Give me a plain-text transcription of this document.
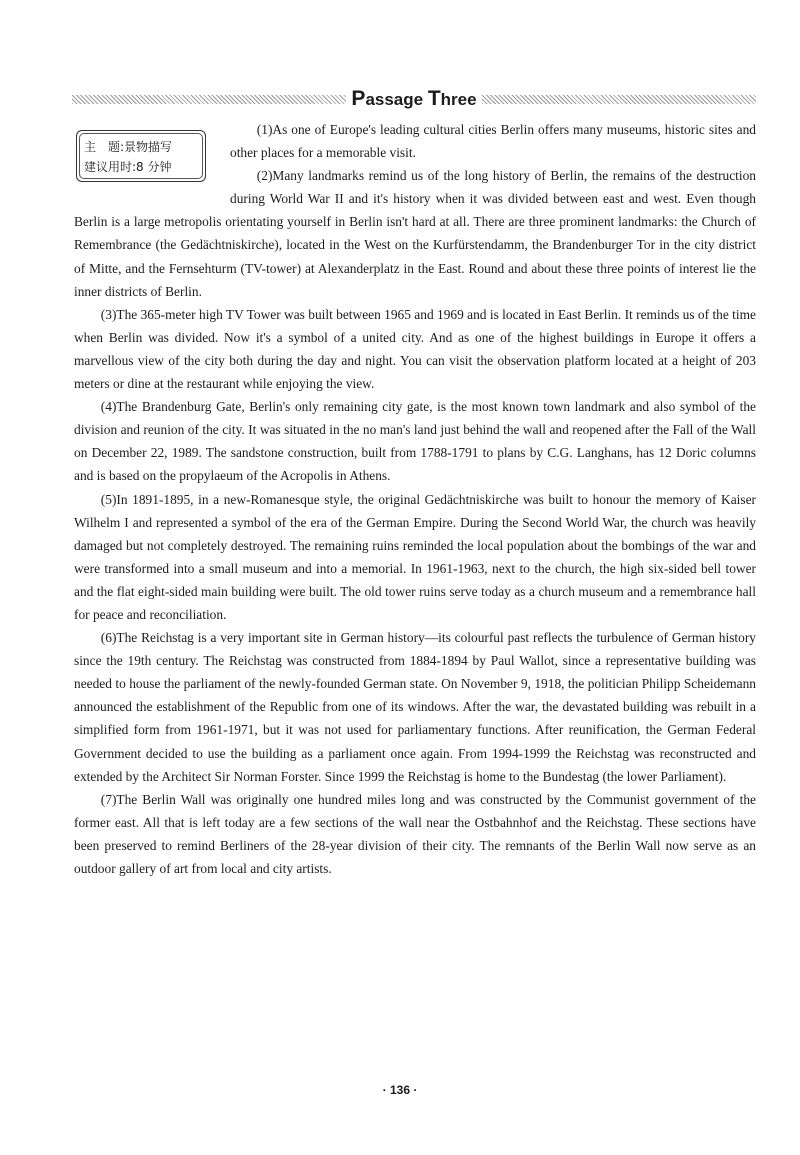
Passage Three
主　题:景物描写
建议用时:8 分钟

(1)As one of Europe's leading cultural cities Berlin offers many museums, historic sites and other places for a memorable visit.

(2)Many landmarks remind us of the long history of Berlin, the remains of the destruction during World War II and it's history when it was divided between east and west. Even though Berlin is a large metropolis orientating yourself in Berlin isn't hard at all. There are three prominent landmarks: the Church of Remembrance (the Gedächtniskirche), located in the West on the Kurfürstendamm, the Brandenburger Tor in the city district of Mitte, and the Fernsehturm (TV-tower) at Alexanderplatz in the East. Round and about these three points of interest lie the inner districts of Berlin.

(3)The 365-meter high TV Tower was built between 1965 and 1969 and is located in East Berlin. It reminds us of the time when Berlin was divided. Now it's a symbol of a united city. And as one of the highest buildings in Europe it offers a marvellous view of the city both during the day and night. You can visit the observation platform located at a height of 203 meters or dine at the restaurant while enjoying the view.

(4)The Brandenburg Gate, Berlin's only remaining city gate, is the most known town landmark and also symbol of the division and reunion of the city. It was situated in the no man's land just behind the wall and reopened after the Fall of the Wall on December 22, 1989. The sandstone construction, built from 1788-1791 to plans by C.G. Langhans, has 12 Doric columns and is based on the propylaeum of the Acropolis in Athens.

(5)In 1891-1895, in a new-Romanesque style, the original Gedächtniskirche was built to honour the memory of Kaiser Wilhelm I and represented a symbol of the era of the German Empire. During the Second World War, the church was heavily damaged but not completely destroyed. The remaining ruins reminded the local population about the bombings of the war and were transformed into a small museum and into a memorial. In 1961-1963, next to the church, the high six-sided bell tower and the flat eight-sided main building were built. The old tower ruins serve today as a church museum and a remembrance hall for peace and reconciliation.

(6)The Reichstag is a very important site in German history—its colourful past reflects the turbulence of German history since the 19th century. The Reichstag was constructed from 1884-1894 by Paul Wallot, since a representative building was needed to house the parliament of the newly-founded German state. On November 9, 1918, the politician Philipp Scheidemann announced the establishment of the Republic from one of its windows. After the war, the devastated building was rebuilt in a simplified form from 1961-1971, but it was not used for parliamentary functions. After reunification, the German Federal Government decided to use the building as a parliament once again. From 1994-1999 the Reichstag was reconstructed and extended by the Architect Sir Norman Forster. Since 1999 the Reichstag is home to the Bundestag (the lower Parliament).

(7)The Berlin Wall was originally one hundred miles long and was constructed by the Communist government of the former east. All that is left today are a few sections of the wall near the Ostbahnhof and the Reichstag. These sections have been preserved to remind Berliners of the 28-year division of their city. The remnants of the Berlin Wall now serve as an outdoor gallery of art from local and city artists.

· 136 ·
